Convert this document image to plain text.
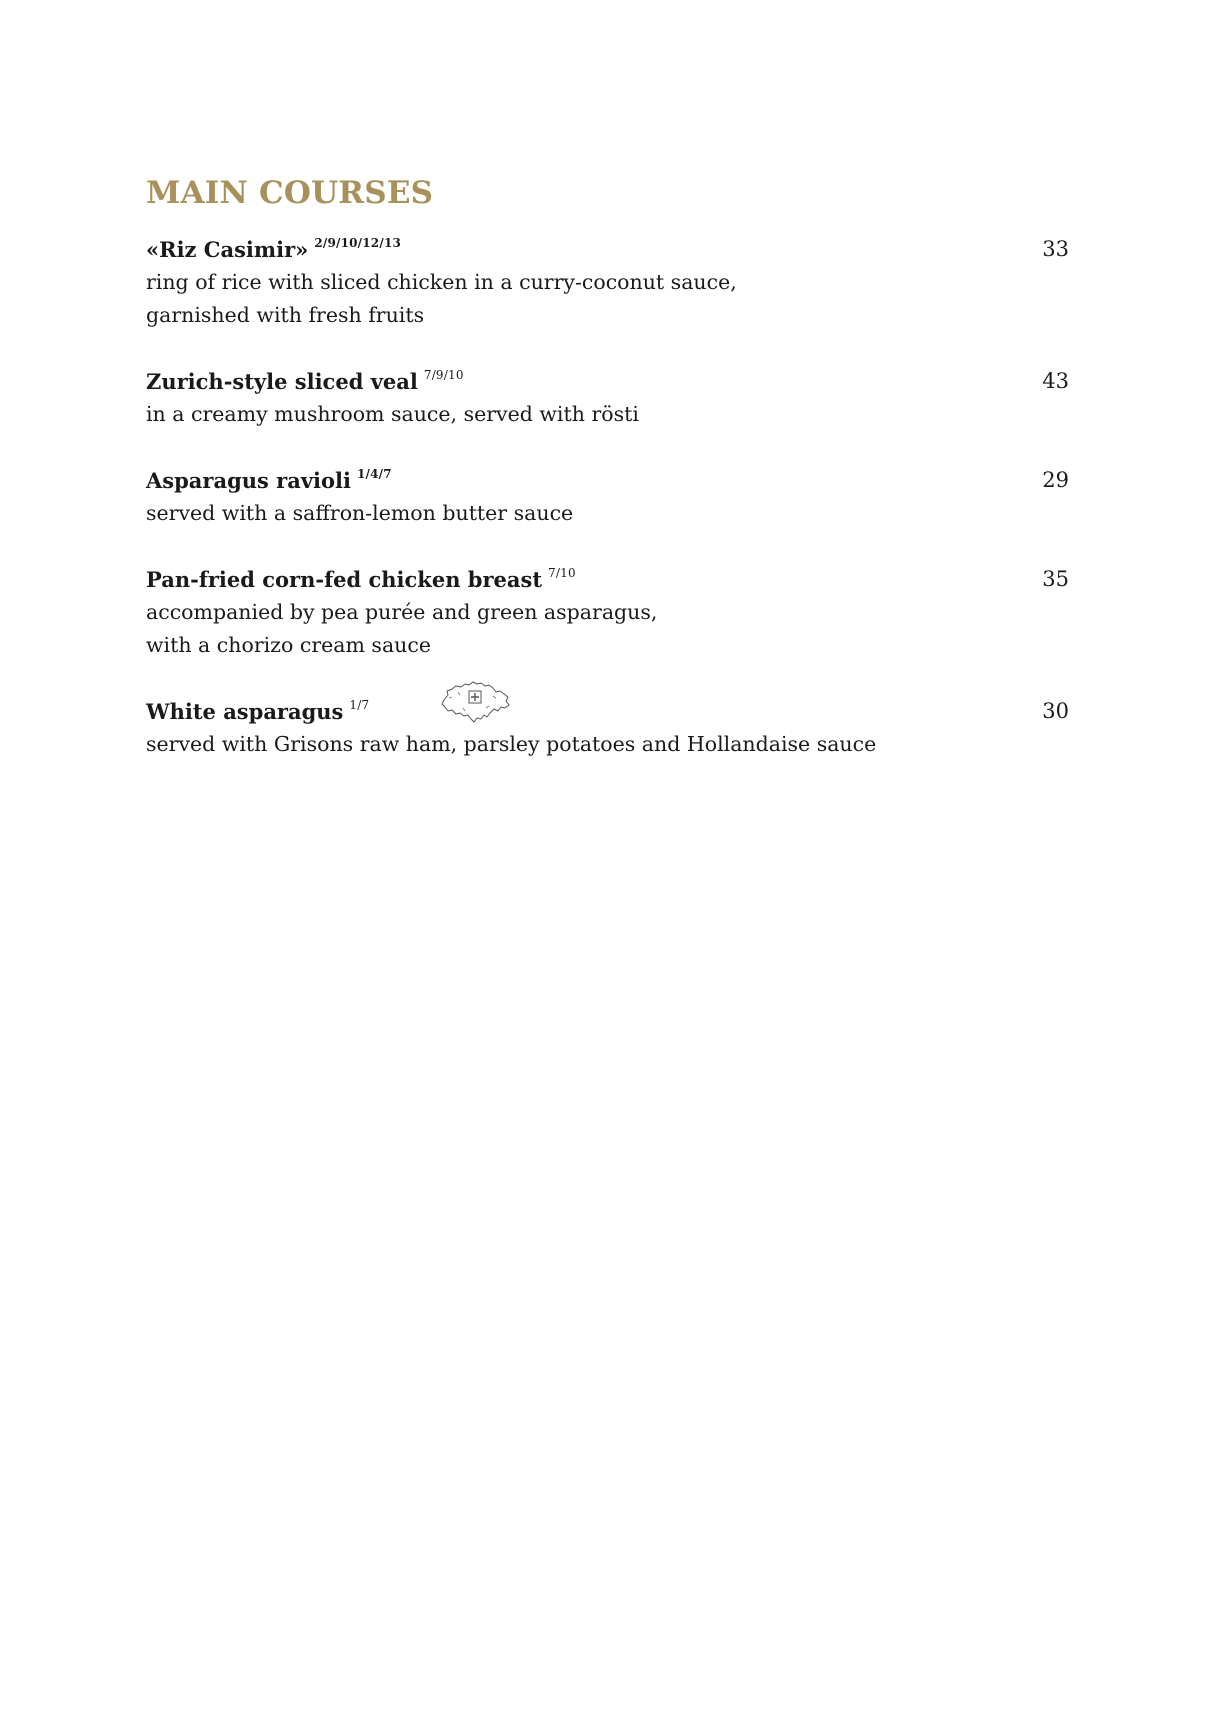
MAIN COURSES
«Riz Casimir» $^{2/9/10/12/13}$	33
ring of rice with sliced chicken in a curry-coconut sauce,
garnished with fresh fruits
Zurich-style sliced veal $^{7/9/10}$	43
in a creamy mushroom sauce, served with rösti
Asparagus ravioli $^{1/4/7}$	29
served with a saffron-lemon butter sauce
Pan-fried corn-fed chicken breast $^{7/10}$	35
accompanied by pea purée and green asparagus,
with a chorizo cream sauce
White asparagus $^{1/7}$	30
served with Grisons raw ham, parsley potatoes and Hollandaise sauce
